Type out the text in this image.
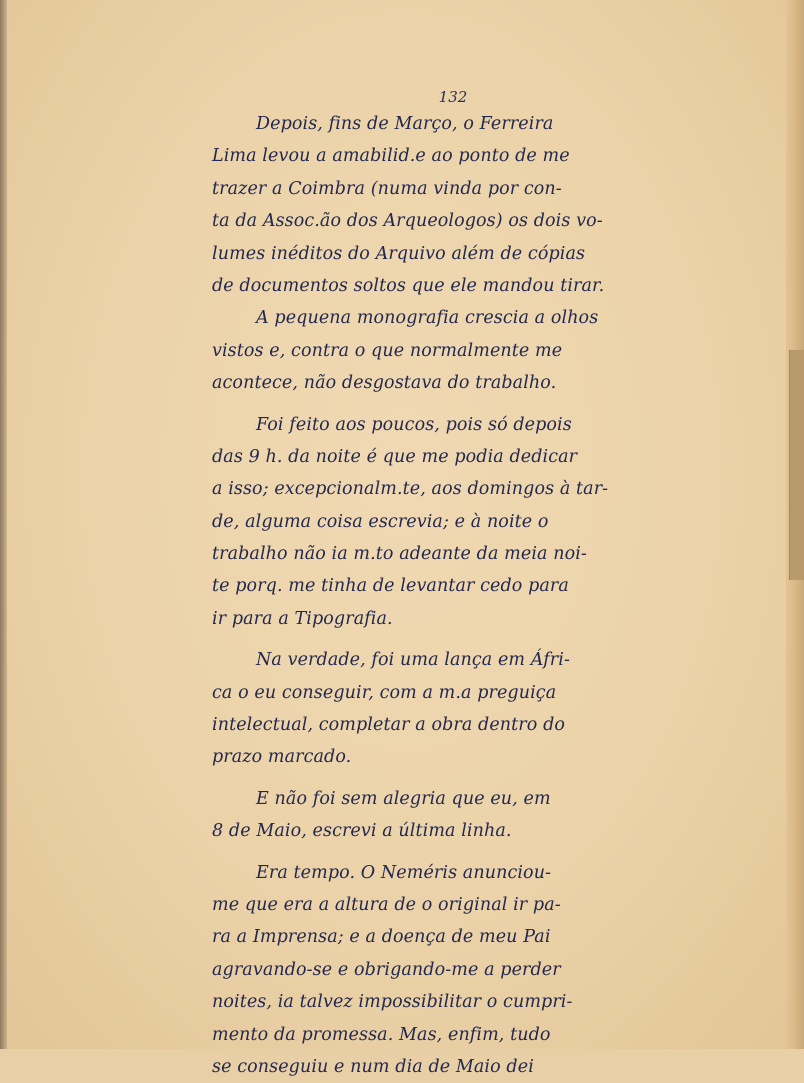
132
Depois, fins de Março, o Ferreira
Lima levou a amabilid.e ao ponto de me
trazer a Coimbra (numa vinda por con-
ta da Assoc.ão dos Arqueologos) os dois vo-
lumes inéditos do Arquivo além de cópias
de documentos soltos que ele mandou tirar.
A pequena monografia crescia a olhos
vistos e, contra o que normalmente me
acontece, não desgostava do trabalho.
Foi feito aos poucos, pois só depois
das 9 h. da noite é que me podia dedicar
a isso; excepcionalm.te, aos domingos à tar-
de, alguma coisa escrevia; e à noite o
trabalho não ia m.to adeante da meia noi-
te porq. me tinha de levantar cedo para
ir para a Tipografia.
Na verdade, foi uma lança em Áfri-
ca o eu conseguir, com a m.a preguiça
intelectual, completar a obra dentro do
prazo marcado.
E não foi sem alegria que eu, em
8 de Maio, escrevi a última linha.
Era tempo. O Neméris anunciou-
me que era a altura de o original ir pa-
ra a Imprensa; e a doença de meu Pai
agravando-se e obrigando-me a perder
noites, ia talvez impossibilitar o cumpri-
mento da promessa. Mas, enfim, tudo
se conseguiu e num dia de Maio dei
